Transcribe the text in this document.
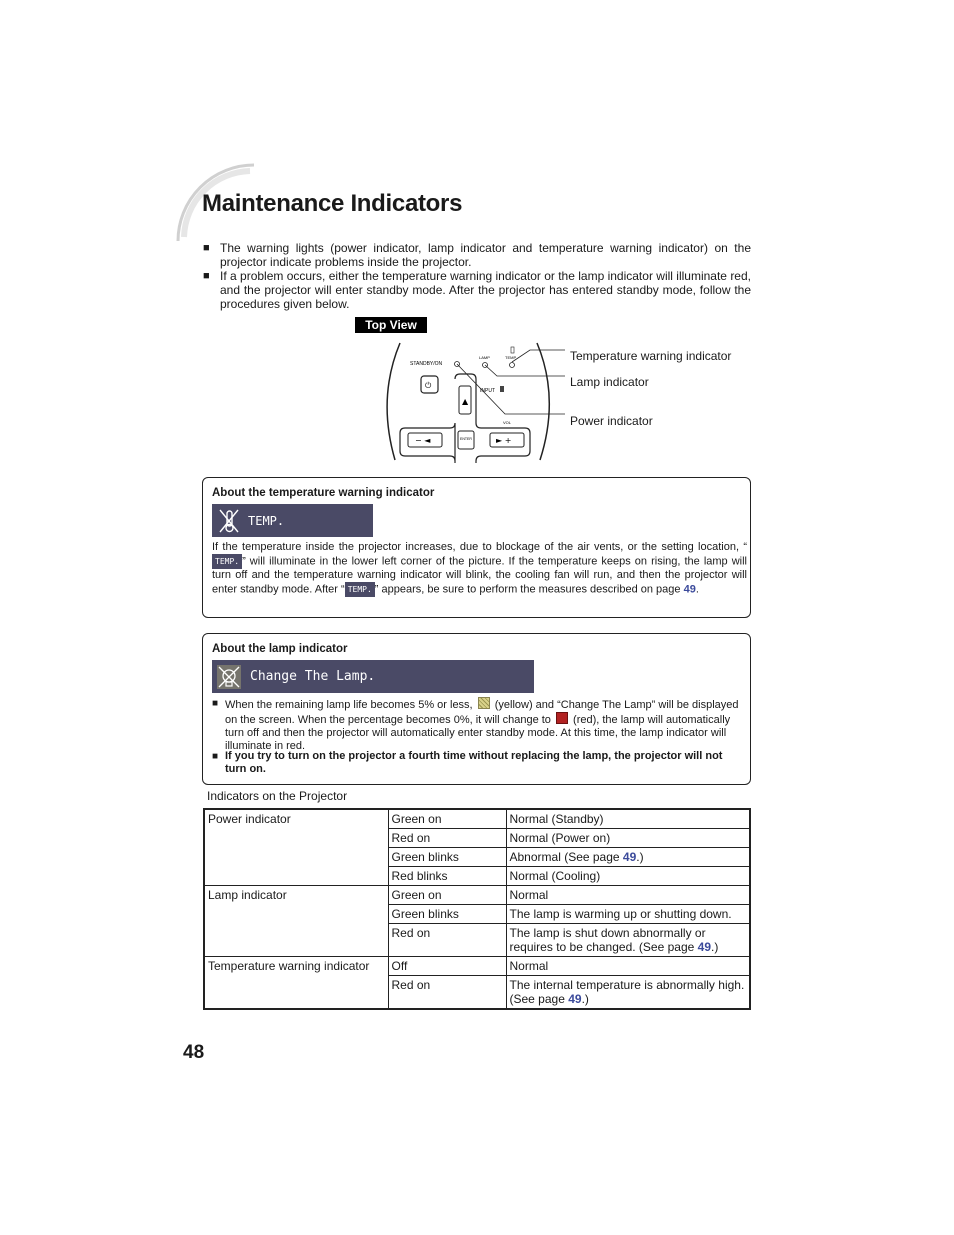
Maintenance Indicators
■ The warning lights (power indicator, lamp indicator and temperature warning indicator) on the projector indicate problems inside the projector.
■ If a problem occurs, either the temperature warning indicator or the lamp indicator will illuminate red, and the projector will enter standby mode. After the projector has entered standby mode, follow the procedures given below.
Top View
STANDBY/ON
LAMP	TEMP
⏻
INPUT
▲
− ◄	ENTER
VOL
► +
Temperature warning indicator
Lamp indicator
Power indicator
About the temperature warning indicator
TEMP.
If the temperature inside the projector increases, due to blockage of the air vents, or the setting location, “TEMP. ” will illuminate in the lower left corner of the picture. If the temperature keeps on rising, the lamp will turn off and the temperature warning indicator will blink, the cooling fan will run, and then the projector will enter standby mode. After “ TEMP. ” appears, be sure to perform the measures described on page 49.
About the lamp indicator
Change The Lamp.
■ When the remaining lamp life becomes 5% or less,  (yellow) and “Change The Lamp” will be displayed on the screen. When the percentage becomes 0%, it will change to  (red), the lamp will automatically turn off and then the projector will automatically enter standby mode. At this time, the lamp indicator will illuminate in red.
■ If you try to turn on the projector a fourth time without replacing the lamp, the projector will not turn on.
Indicators on the Projector
Power indicator	Green on	Normal (Standby)
	Red on	Normal (Power on)
	Green blinks	Abnormal (See page 49.)
	Red blinks	Normal (Cooling)
Lamp indicator	Green on	Normal
	Green blinks	The lamp is warming up or shutting down.
	Red on	The lamp is shut down abnormally or requires to be changed. (See page 49.)
Temperature warning indicator	Off	Normal
	Red on	The internal temperature is abnormally high. (See page 49.)
48
